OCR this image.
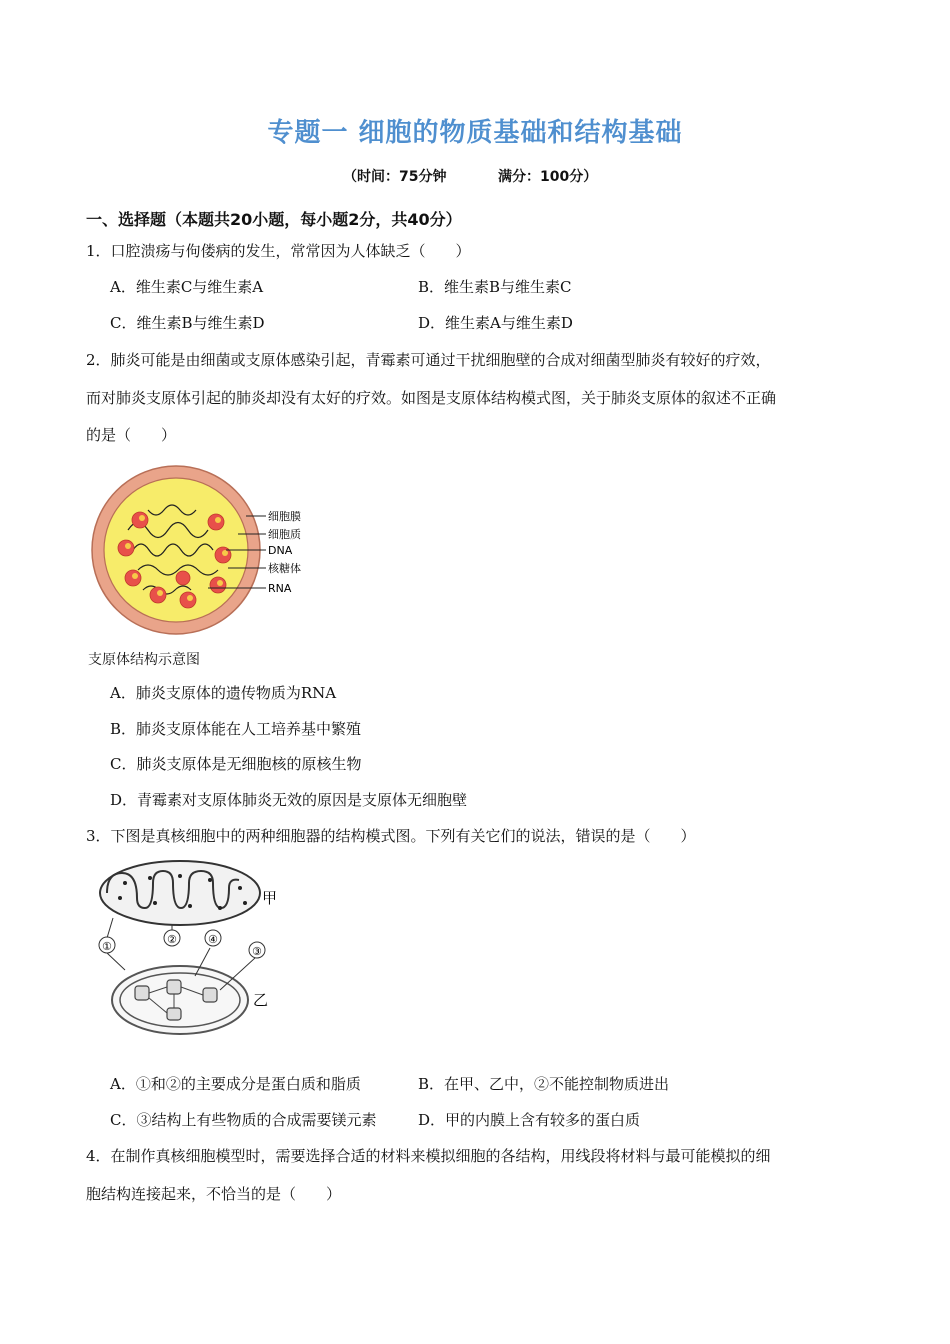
专题一 细胞的物质基础和结构基础
（时间：75分钟	满分：100分）
一、选择题（本题共20小题，每小题2分，共40分）
1．口腔溃疡与佝偻病的发生，常常因为人体缺乏（　　）
A．维生素C与维生素A	B．维生素B与维生素C
C．维生素B与维生素D	D．维生素A与维生素D
2．肺炎可能是由细菌或支原体感染引起，青霉素可通过干扰细胞壁的合成对细菌型肺炎有较好的疗效，
而对肺炎支原体引起的肺炎却没有太好的疗效。如图是支原体结构模式图，关于肺炎支原体的叙述不正确
的是（　　）
细胞膜
细胞质
DNA
核糖体
RNA
支原体结构示意图
A．肺炎支原体的遗传物质为RNA
B．肺炎支原体能在人工培养基中繁殖
C．肺炎支原体是无细胞核的原核生物
D．青霉素对支原体肺炎无效的原因是支原体无细胞壁
3．下图是真核细胞中的两种细胞器的结构模式图。下列有关它们的说法，错误的是（　　）
①
②	④
③
甲
乙
A．①和②的主要成分是蛋白质和脂质	B．在甲、乙中，②不能控制物质进出
C．③结构上有些物质的合成需要镁元素	D．甲的内膜上含有较多的蛋白质
4．在制作真核细胞模型时，需要选择合适的材料来模拟细胞的各结构，用线段将材料与最可能模拟的细
胞结构连接起来，不恰当的是（　　）
